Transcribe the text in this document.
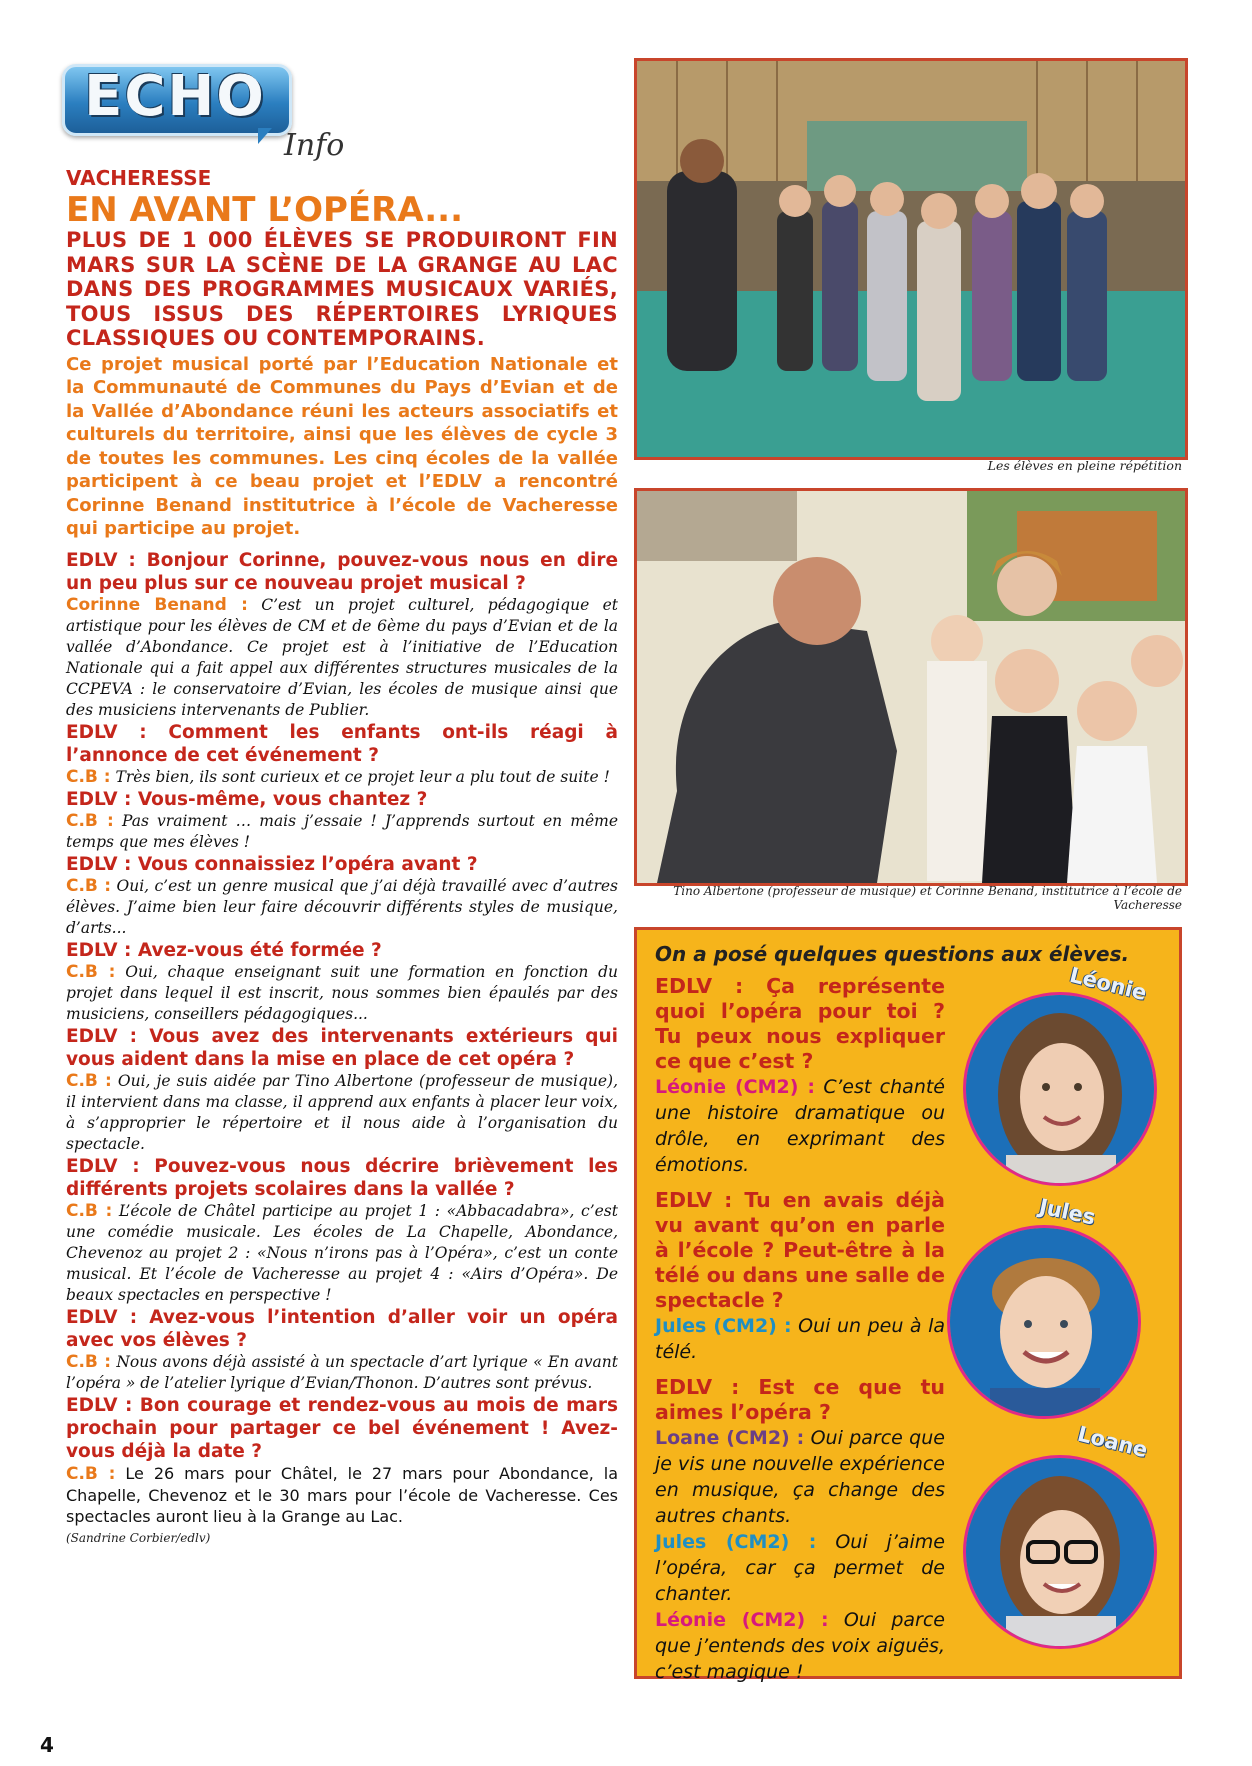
ECHO
Info
VACHERESSE
EN AVANT L’OPÉRA...
PLUS DE 1 000 ÉLÈVES SE PRODUIRONT FIN MARS SUR LA SCÈNE DE LA GRANGE AU LAC DANS DES PROGRAMMES MUSICAUX VARIÉS, TOUS ISSUS DES RÉPERTOIRES LYRIQUES CLASSIQUES OU CONTEMPORAINS.
Ce projet musical porté par l’Education Nationale et la Communauté de Communes du Pays d’Evian et de la Vallée d’Abondance réuni les acteurs associatifs et culturels du territoire, ainsi que les élèves de cycle 3 de toutes les communes. Les cinq écoles de la vallée participent à ce beau projet et l’EDLV a rencontré Corinne Benand institutrice à l’école de Vacheresse qui participe au projet.
EDLV : Bonjour Corinne, pouvez-vous nous en dire un peu plus sur ce nouveau projet musical ?
Corinne Benand : C’est un projet culturel, pédagogique et artistique pour les élèves de CM et de 6ème du pays d’Evian et de la vallée d’Abondance. Ce projet est à l’initiative de l’Education Nationale qui a fait appel aux différentes structures musicales de la CCPEVA : le conservatoire d’Evian, les écoles de musique ainsi que des musiciens intervenants de Publier.
EDLV : Comment les enfants ont-ils réagi à l’annonce de cet événement ?
C.B : Très bien, ils sont curieux et ce projet leur a plu tout de suite !
EDLV : Vous-même, vous chantez ?
C.B : Pas vraiment … mais j’essaie ! J’apprends surtout en même temps que mes élèves !
EDLV : Vous connaissiez l’opéra avant ?
C.B : Oui, c’est un genre musical que j’ai déjà travaillé avec d’autres élèves. J’aime bien leur faire découvrir différents styles de musique, d’arts...
EDLV : Avez-vous été formée ?
C.B : Oui, chaque enseignant suit une formation en fonction du projet dans lequel il est inscrit, nous sommes bien épaulés par des musiciens, conseillers pédagogiques...
EDLV : Vous avez des intervenants extérieurs qui vous aident dans la mise en place de cet opéra ?
C.B : Oui, je suis aidée par Tino Albertone (professeur de musique), il intervient dans ma classe, il apprend aux enfants à placer leur voix, à s’approprier le répertoire et il nous aide à l’organisation du spectacle.
EDLV : Pouvez-vous nous décrire brièvement les différents projets scolaires dans la vallée ?
C.B : L’école de Châtel participe au projet 1 : «Abbacadabra», c’est une comédie musicale. Les écoles de La Chapelle, Abondance, Chevenoz au projet 2 : «Nous n’irons pas à l’Opéra», c’est un conte musical. Et l’école de Vacheresse au projet 4 : «Airs d’Opéra». De beaux spectacles en perspective !
EDLV : Avez-vous l’intention d’aller voir un opéra avec vos élèves ?
C.B : Nous avons déjà assisté à un spectacle d’art lyrique « En avant l’opéra » de l’atelier lyrique d’Evian/Thonon. D’autres sont prévus.
EDLV : Bon courage et rendez-vous au mois de mars prochain pour partager ce bel événement ! Avez-vous déjà la date ?
C.B : Le 26 mars pour Châtel, le 27 mars pour Abondance, la Chapelle, Chevenoz et le 30 mars pour l’école de Vacheresse. Ces spectacles auront lieu à la Grange au Lac.
(Sandrine Corbier/edlv)
Les élèves en pleine répétition
Tino Albertone (professeur de musique) et Corinne Benand, institutrice à l’école de Vacheresse
On a posé quelques questions aux élèves.
EDLV : Ça représente quoi l’opéra pour toi ? Tu peux nous expliquer ce que c’est ?
Léonie (CM2) : C’est chanté une histoire dramatique ou drôle, en exprimant des émotions.
EDLV : Tu en avais déjà vu avant qu’on en parle à l’école ? Peut-être à la télé ou dans une salle de spectacle ?
Jules (CM2) : Oui un peu à la télé.
EDLV : Est ce que tu aimes l’opéra ?
Loane (CM2) : Oui parce que je vis une nouvelle expérience en musique, ça change des autres chants.
Jules (CM2) : Oui j’aime l’opéra, car ça permet de chanter.
Léonie (CM2) : Oui parce que j’entends des voix aiguës, c’est magique !
Léonie
Jules
Loane
4
